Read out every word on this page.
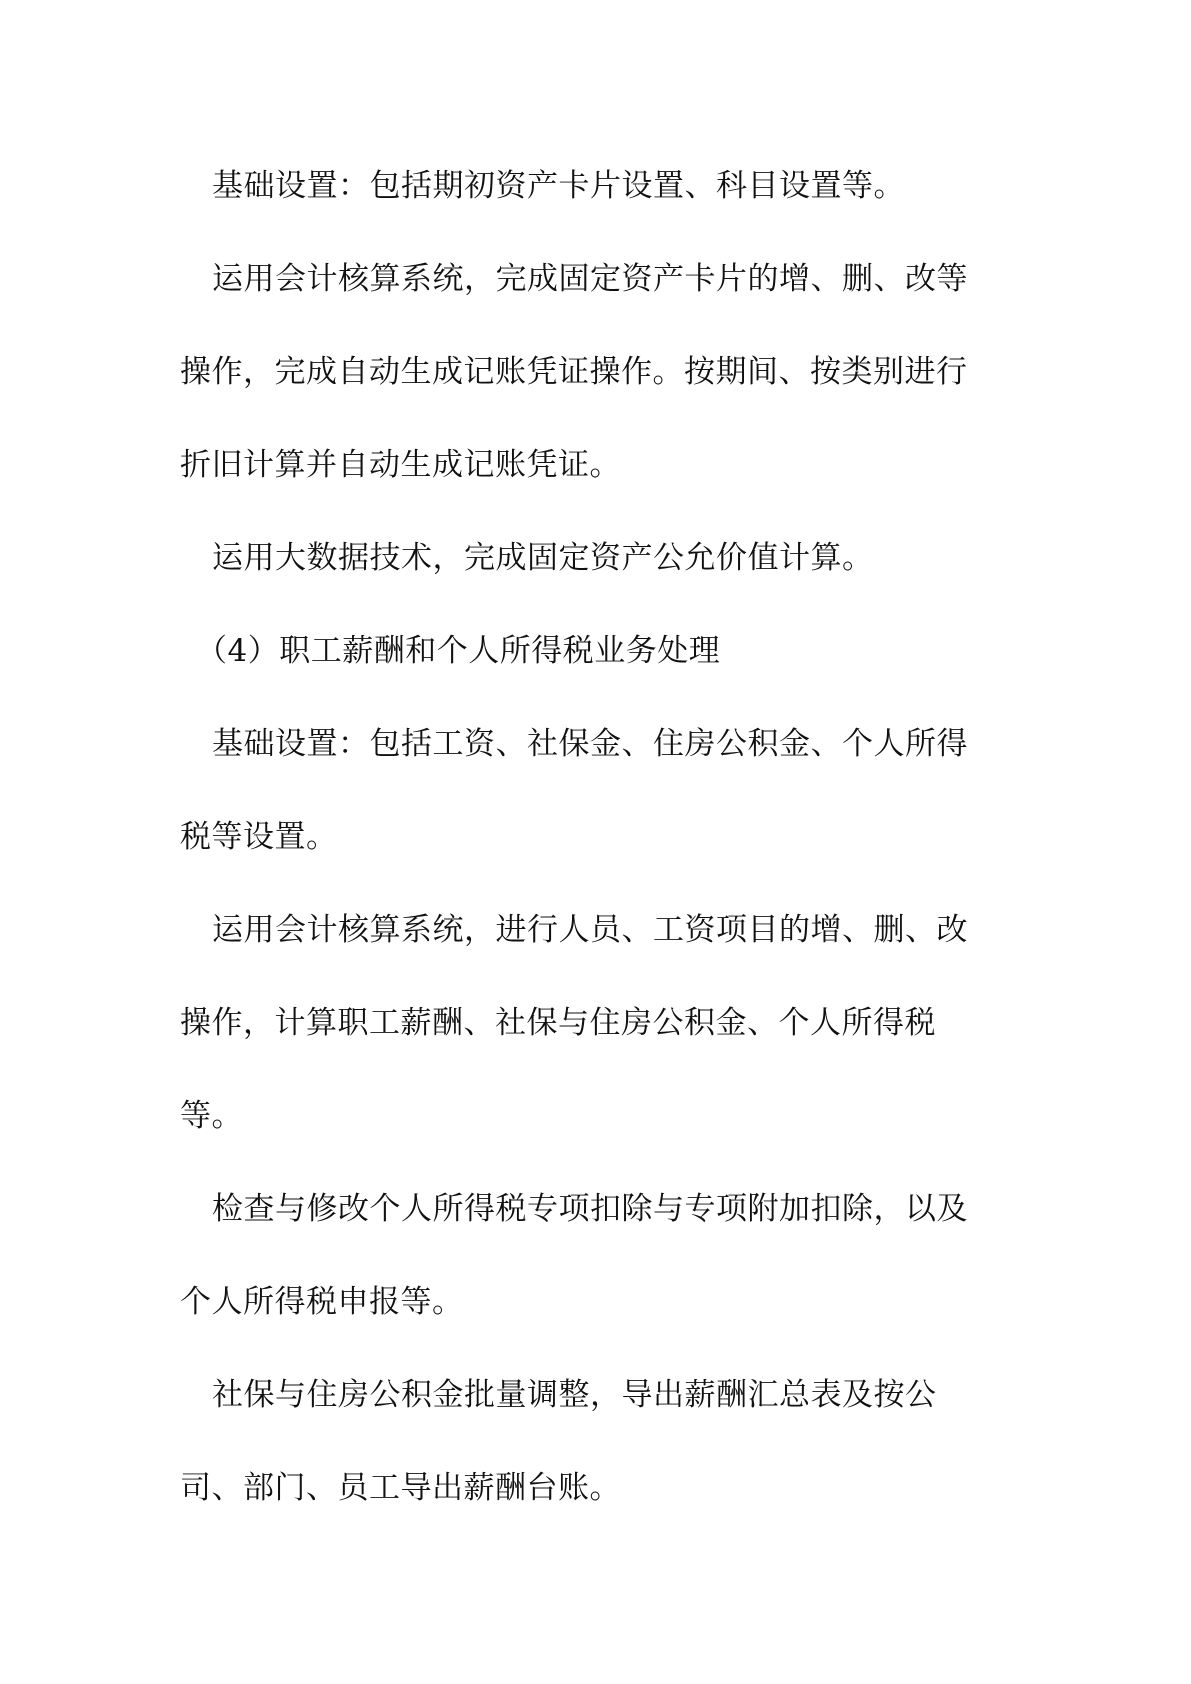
基础设置：包括期初资产卡片设置、科目设置等。
运用会计核算系统，完成固定资产卡片的增、删、改等
操作，完成自动生成记账凭证操作。按期间、按类别进行
折旧计算并自动生成记账凭证。
运用大数据技术，完成固定资产公允价值计算。
（4）职工薪酬和个人所得税业务处理
基础设置：包括工资、社保金、住房公积金、个人所得
税等设置。
运用会计核算系统，进行人员、工资项目的增、删、改
操作，计算职工薪酬、社保与住房公积金、个人所得税
等。
检查与修改个人所得税专项扣除与专项附加扣除，以及
个人所得税申报等。
社保与住房公积金批量调整，导出薪酬汇总表及按公
司、部门、员工导出薪酬台账。
